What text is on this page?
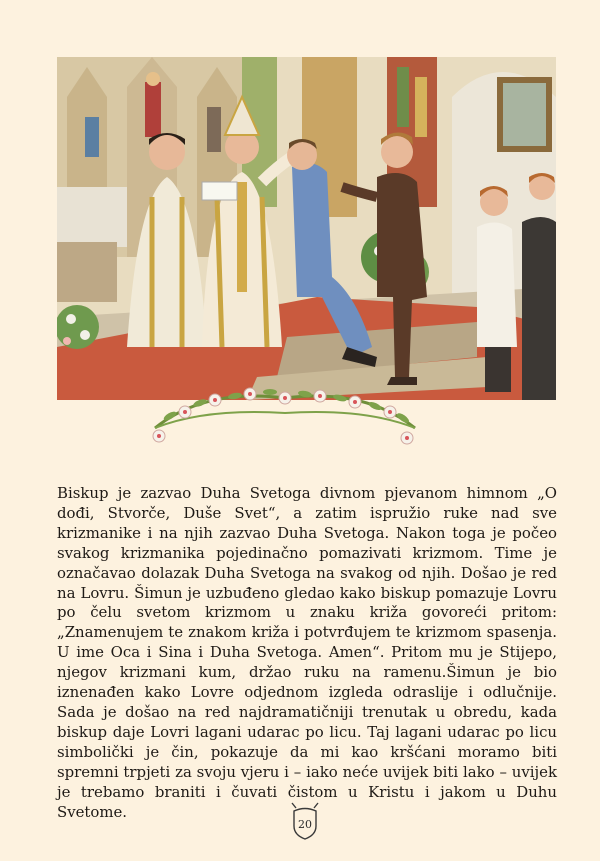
Biskup je zazvao Duha Svetoga divnom pjevanom himnom „O dođi, Stvorče, Duše Svet“, a zatim ispružio ruke nad sve krizmanike i na njih zazvao Duha Svetoga. Nakon toga je počeo svakog krizmanika pojedinačno pomazivati krizmom. Time je označavao dolazak Duha Svetoga na svakog od njih. Došao je red na Lovru. Šimun je uzbuđeno gledao kako biskup pomazuje Lovru po čelu svetom krizmom u znaku križa govoreći pritom: „Znamenujem te znakom križa i potvrđujem te krizmom spasenja. U ime Oca i Sina i Duha Svetoga. Amen“. Pritom mu je Stijepo, njegov krizmani kum, držao ruku na ramenu.Šimun je bio iznenađen kako Lovre odjednom izgleda odraslije i odlučnije. Sada je došao na red najdramatičniji trenutak u obredu, kada biskup daje Lovri lagani udarac po licu. Taj lagani udarac po licu simbolički je čin, pokazuje da mi kao kršćani moramo biti spremni trpjeti za svoju vjeru i – iako neće uvijek biti lako – uvijek je trebamo braniti i čuvati čistom u Kristu i jakom u Duhu Svetome.

20
